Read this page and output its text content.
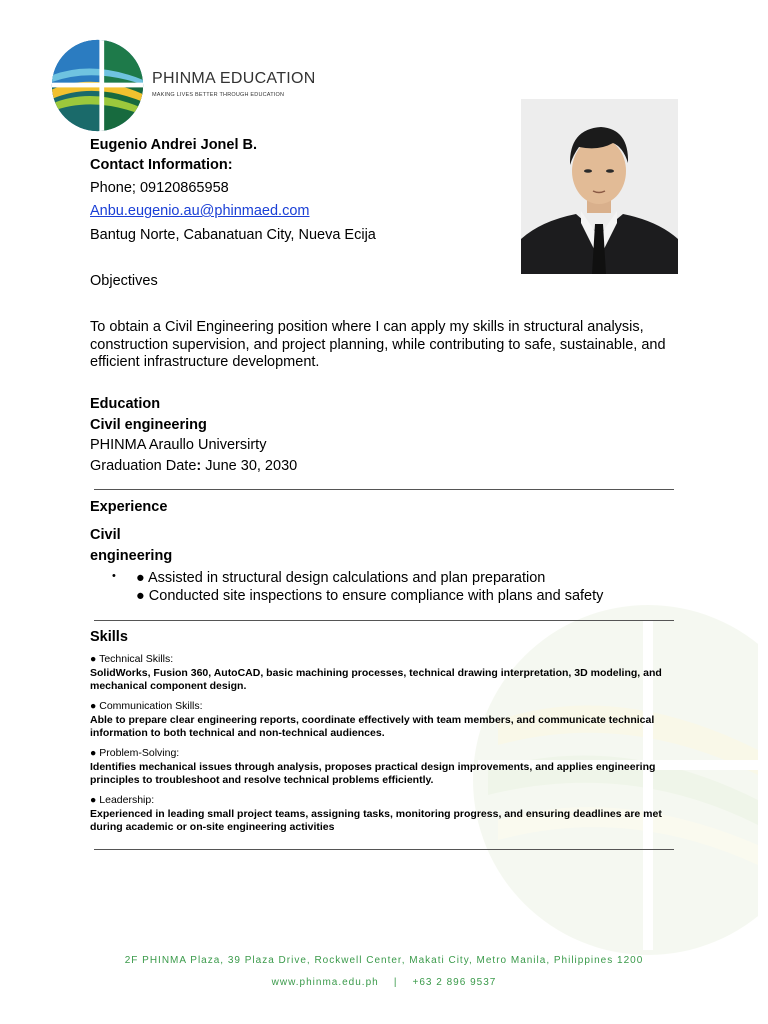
PHINMA EDUCATION
MAKING LIVES BETTER THROUGH EDUCATION
Eugenio Andrei Jonel B.
Contact Information:
Phone; 09120865958
Anbu.eugenio.au@phinmaed.com
Bantug Norte, Cabanatuan City, Nueva Ecija
Objectives
To obtain a Civil Engineering position where I can apply my skills in structural analysis, construction supervision, and project planning, while contributing to safe, sustainable, and efficient infrastructure development.
Education
Civil engineering
PHINMA Araullo Universirty
Graduation Date: June 30, 2030
Experience
Civil
engineering
• ● Assisted in structural design calculations and plan preparation
● Conducted site inspections to ensure compliance with plans and safety
Skills
● Technical Skills:
SolidWorks, Fusion 360, AutoCAD, basic machining processes, technical drawing interpretation, 3D modeling, and mechanical component design.
● Communication Skills:
Able to prepare clear engineering reports, coordinate effectively with team members, and communicate technical information to both technical and non-technical audiences.
● Problem-Solving:
Identifies mechanical issues through analysis, proposes practical design improvements, and applies engineering principles to troubleshoot and resolve technical problems efficiently.
● Leadership:
Experienced in leading small project teams, assigning tasks, monitoring progress, and ensuring deadlines are met during academic or on-site engineering activities
2F PHINMA Plaza, 39 Plaza Drive, Rockwell Center, Makati City, Metro Manila, Philippines 1200
www.phinma.edu.ph    |    +63 2 896 9537
